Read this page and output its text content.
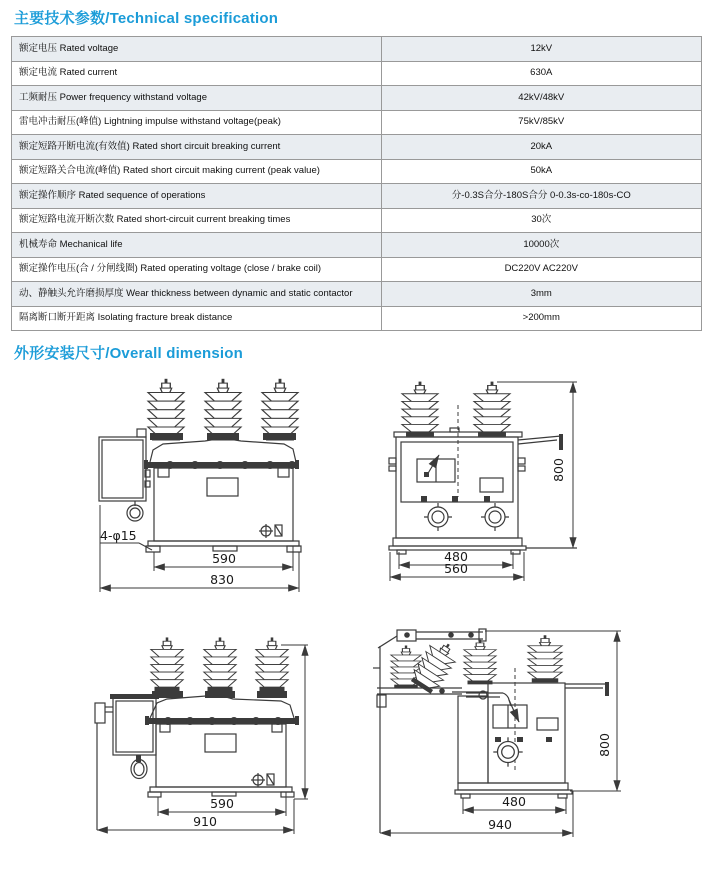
主要技术参数/Technical specification
额定电压 Rated voltage	12kV
额定电流 Rated current	630A
工频耐压 Power frequency withstand voltage	42kV/48kV
雷电冲击耐压(峰值) Lightning impulse withstand voltage(peak)	75kV/85kV
额定短路开断电流(有效值) Rated short circuit breaking current	20kA
额定短路关合电流(峰值) Rated short circuit making current (peak value)	50kA
额定操作顺序 Rated sequence of operations	分-0.3S合分-180S合分 0-0.3s-co-180s-CO
额定短路电流开断次数 Rated short-circuit current breaking times	30次
机械寿命 Mechanical life	10000次
额定操作电压(合 / 分闸线圈) Rated operating voltage (close / brake coil)	DC220V AC220V
动、静触头允许磨损厚度 Wear thickness between dynamic and static contactor	3mm
隔离断口断开距离 Isolating fracture break distance	>200mm
外形安装尺寸/Overall dimension
4-φ15
590
830
800
480
560
590
910
800
480
940
